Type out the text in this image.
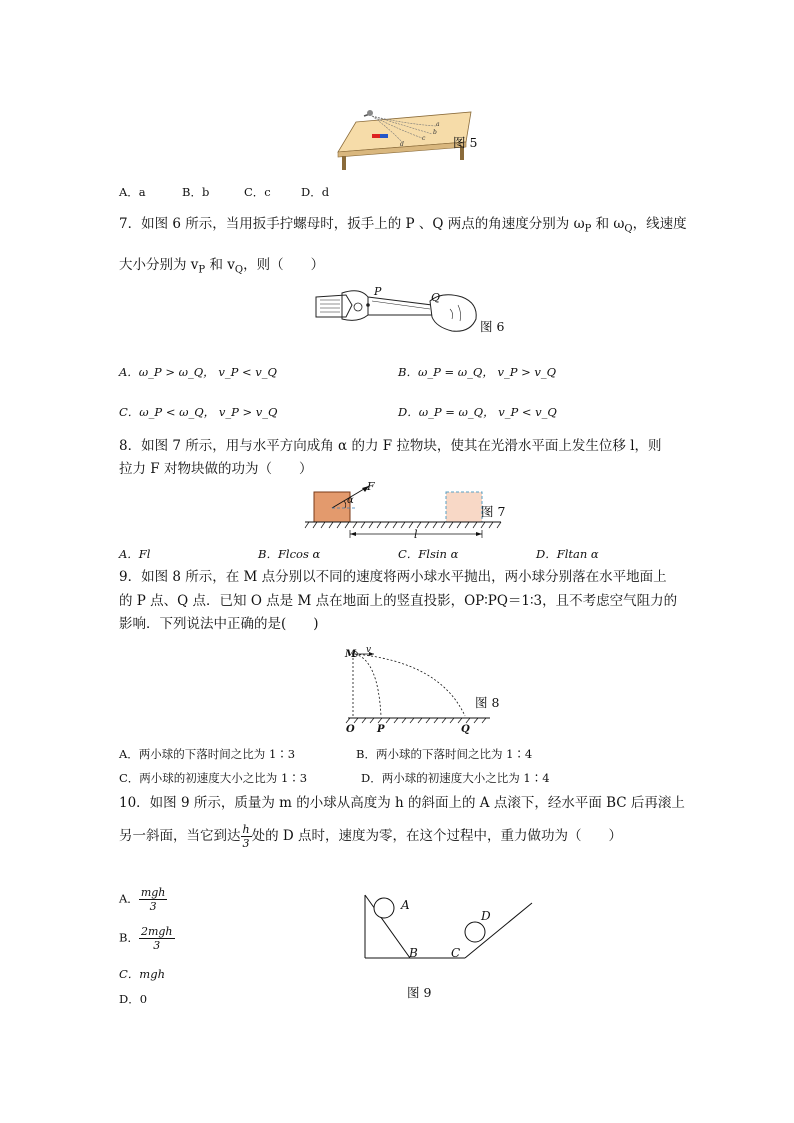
a
b
c
d	图 5
A．a	B．b	C．c	D．d
7．如图 6 所示，当用扳手拧螺母时，扳手上的 P 、Q 两点的角速度分别为 $\omega_P$ 和 $\omega_Q$，线速度
大小分别为 $v_P$ 和 $v_Q$，则（　　）
P	Q
图 6
A．ω_P > ω_Q， v_P < v_Q	B．ω_P = ω_Q， v_P > v_Q
C．ω_P < ω_Q， v_P > v_Q	D．ω_P = ω_Q， v_P < v_Q
8．如图 7 所示，用与水平方向成角 α 的力 F 拉物块，使其在光滑水平面上发生位移 l，则
拉力 F 对物块做的功为（　　）
F
α
l
图 7
A．Fl	B．Flcos α	C．Flsin α	D．Fltan α
9．如图 8 所示，在 M 点分别以不同的速度将两小球水平抛出，两小球分别落在水平地面上
的 P 点、Q 点．已知 O 点是 M 点在地面上的竖直投影，OP∶PQ＝1∶3，且不考虑空气阻力的
影响．下列说法中正确的是(　　)
M v
O P	Q
图 8
A．两小球的下落时间之比为 1∶3	B．两小球的下落时间之比为 1∶4
C．两小球的初速度大小之比为 1∶3	D．两小球的初速度大小之比为 1∶4
10．如图 9 所示，质量为 m 的小球从高度为 h 的斜面上的 A 点滚下，经水平面 BC 后再滚上
另一斜面，当它到达 $\frac{h}{3}$ 处的 D 点时，速度为零，在这个过程中，重力做功为（　　）
A． $\frac{\text{mgh}}{3}$
B． $\frac{\text{2mgh}}{3}$
C．mgh
D．0
A
B	C
D
图 9
